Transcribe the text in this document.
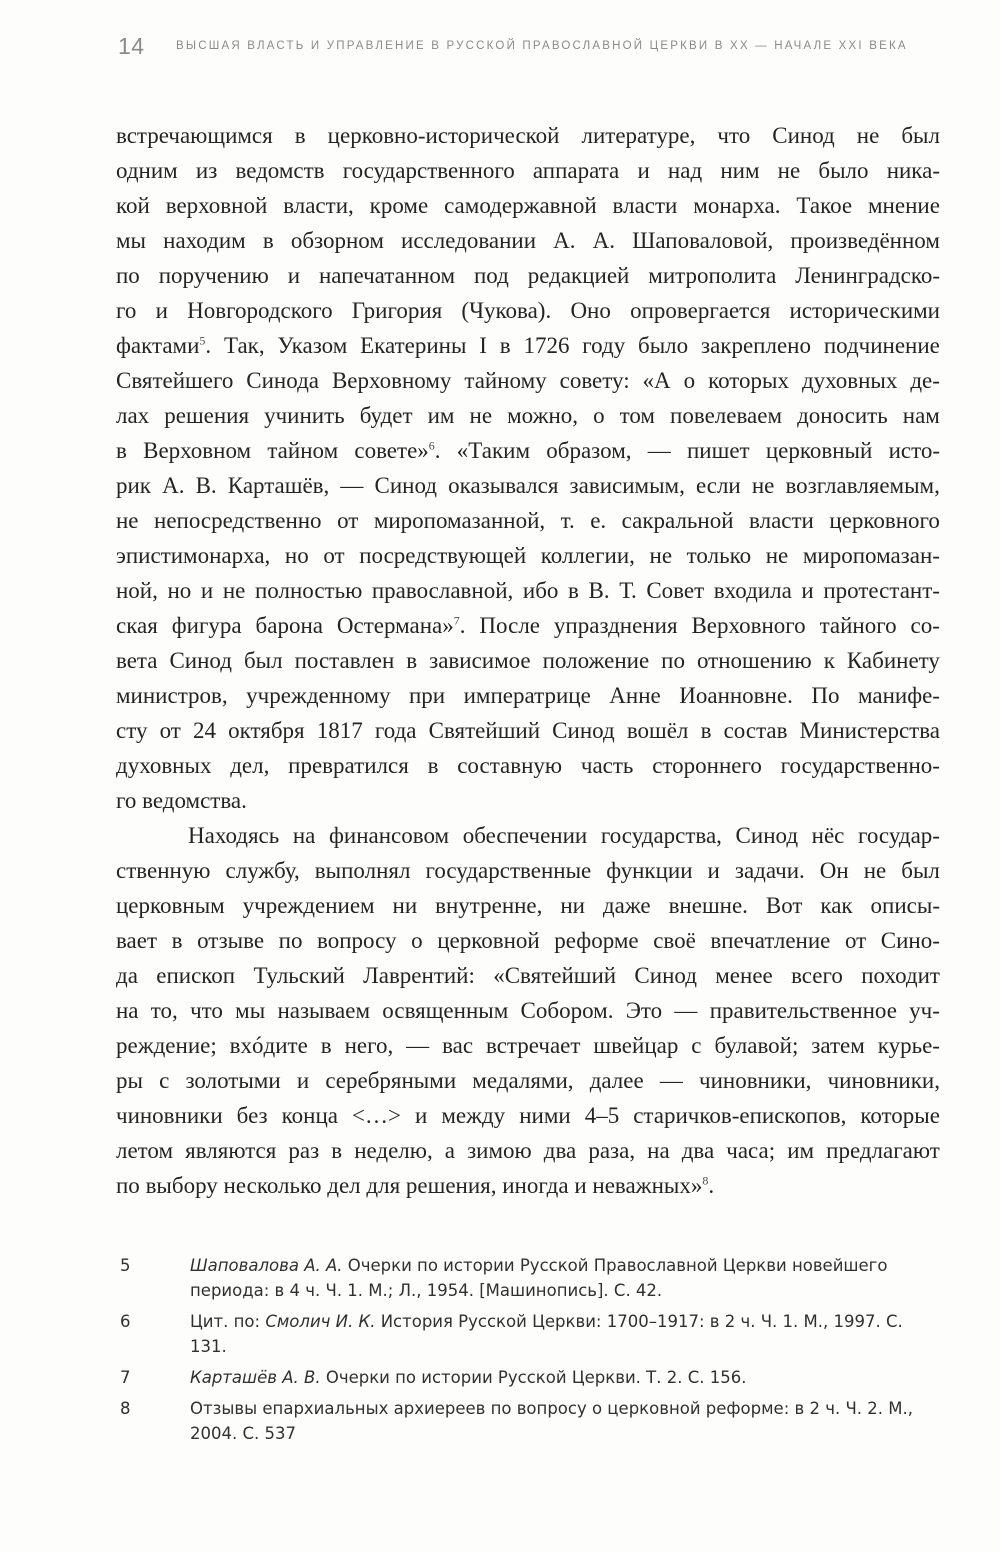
14	ВЫСШАЯ ВЛАСТЬ И УПРАВЛЕНИЕ В РУССКОЙ ПРАВОСЛАВНОЙ ЦЕРКВИ В XX — НАЧАЛЕ XXI ВЕКА
встречающимся в церковно-исторической литературе, что Синод не был
одним из ведомств государственного аппарата и над ним не было ника-
кой верховной власти, кроме самодержавной власти монарха. Такое мнение
мы находим в обзорном исследовании А. А. Шаповаловой, произведённом
по поручению и напечатанном под редакцией митрополита Ленинградско-
го и Новгородского Григория (Чукова). Оно опровергается историческими
фактами$^5$. Так, Указом Екатерины I в 1726 году было закреплено подчинение
Святейшего Синода Верховному тайному совету: «А о которых духовных де-
лах решения учинить будет им не можно, о том повелеваем доносить нам
в Верховном тайном совете»$^6$. «Таким образом, — пишет церковный исто-
рик А. В. Карташёв, — Синод оказывался зависимым, если не возглавляемым,
не непосредственно от миропомазанной, т. е. сакральной власти церковного
эпистимонарха, но от посредствующей коллегии, не только не миропомазан-
ной, но и не полностью православной, ибо в В. Т. Совет входила и протестант-
ская фигура барона Остермана»$^7$. После упразднения Верховного тайного со-
вета Синод был поставлен в зависимое положение по отношению к Кабинету
министров, учрежденному при императрице Анне Иоанновне. По манифе-
сту от 24 октября 1817 года Святейший Синод вошёл в состав Министерства
духовных дел, превратился в составную часть стороннего государственно-
го
ведомства.

Находясь на финансовом обеспечении государства, Синод нёс государ-
ственную службу, выполнял государственные функции и задачи. Он не был
церковным учреждением ни внутренне, ни даже внешне. Вот как описы-
вает в отзыве по вопросу о церковной реформе своё впечатление от Сино-
да епископ Тульский Лаврентий: «Святейший Синод менее всего походит
на то, что мы называем освященным Собором. Это — правительственное уч-
реждение; вхóдите в него, — вас встречает швейцар с булавой; затем курье-
ры с золотыми и серебряными медалями, далее — чиновники, чиновники,
чиновники без конца <…> и между ними 4–5 старичков-епископов, которые
летом являются раз в неделю, а зимою два раза, на два часа; им предлагают
по
выбору
несколько
дел
для
решения,
иногда
и
неважных»$^8$.

5	Шаповалова А. А. Очерки по истории Русской Православной Церкви новейшего периода: в 4 ч. Ч. 1. М.; Л., 1954. [Машинопись]. С. 42.
6	Цит. по: Смолич И. К. История Русской Церкви: 1700–1917: в 2 ч. Ч. 1. М., 1997. С. 131.
7	Карташёв А. В. Очерки по истории Русской Церкви. Т. 2. С. 156.
8	Отзывы епархиальных архиереев по вопросу о церковной реформе: в 2 ч. Ч. 2. М., 2004. С. 537
